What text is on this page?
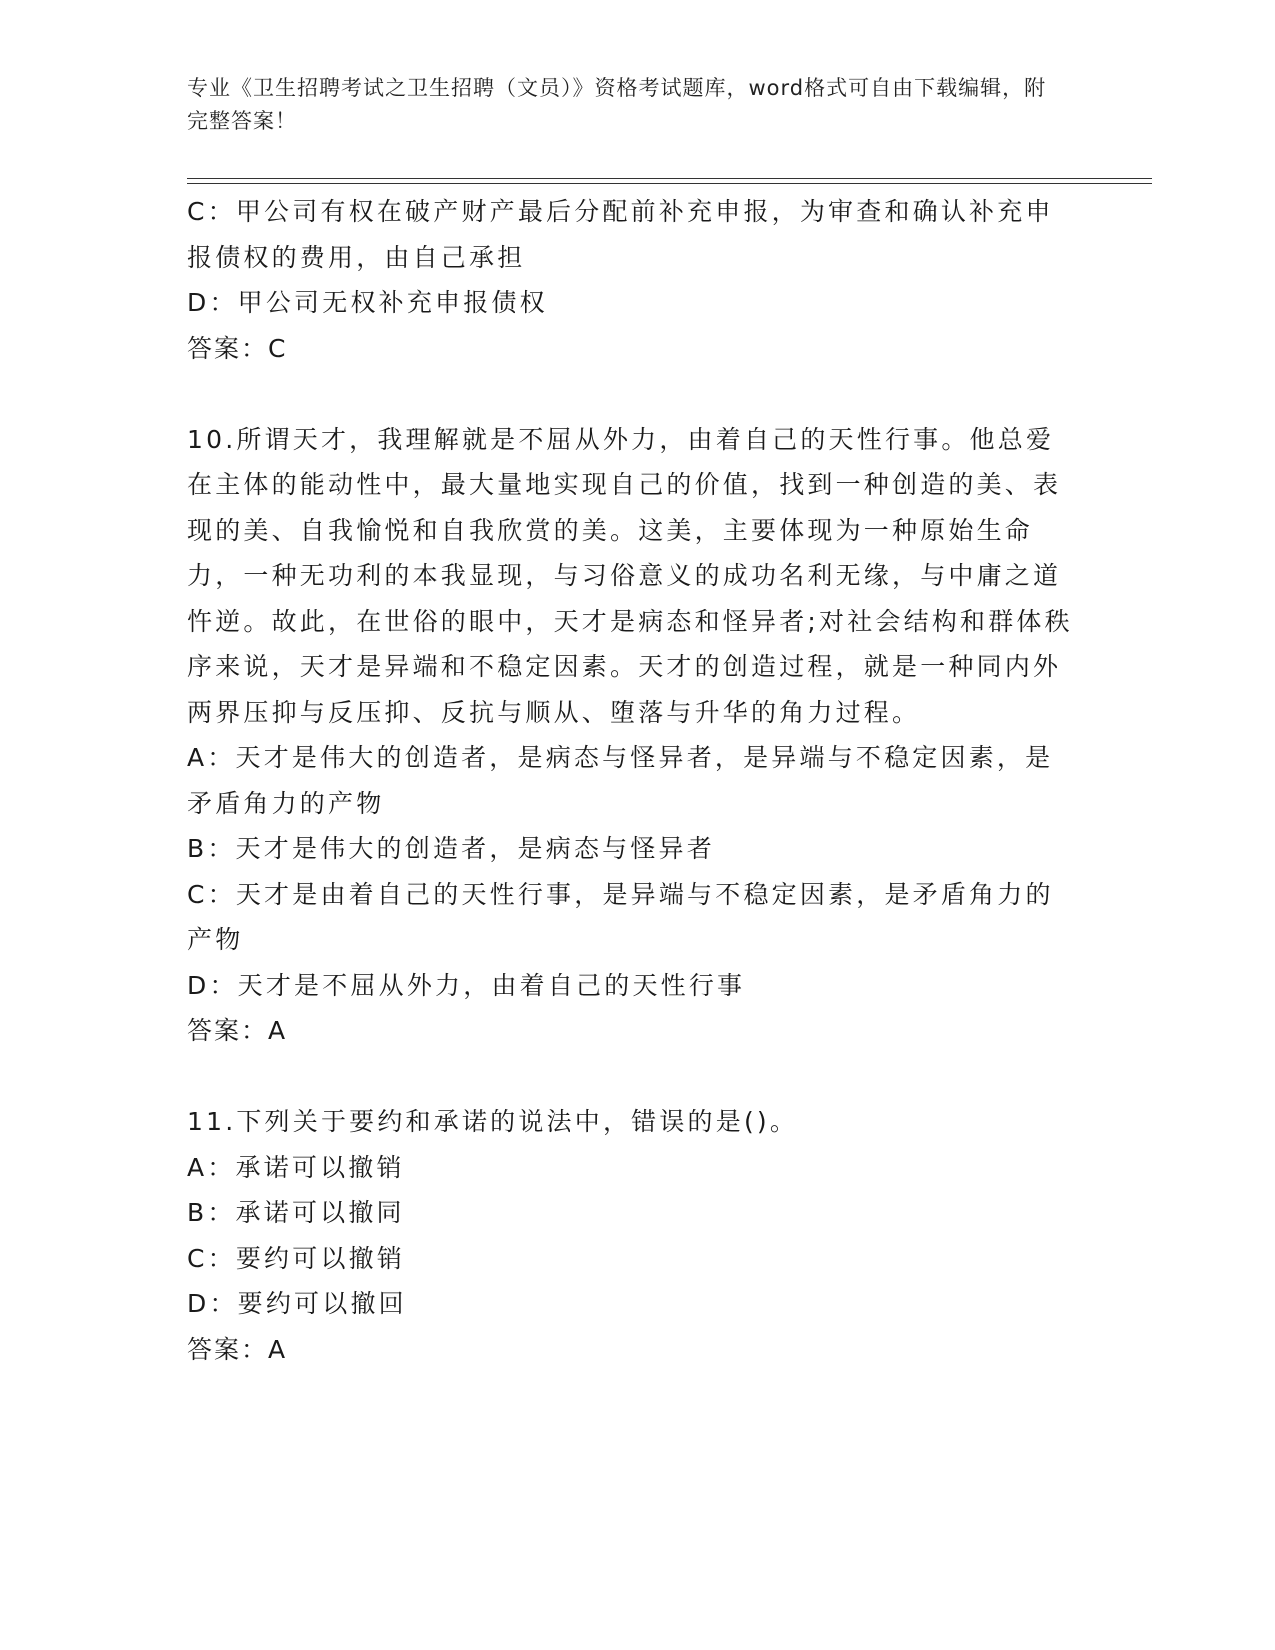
专业《卫生招聘考试之卫生招聘（文员）》资格考试题库，word格式可自由下载编辑，附完整答案！

C：甲公司有权在破产财产最后分配前补充申报，为审查和确认补充申报债权的费用，由自己承担

D：甲公司无权补充申报债权

答案：C

10.所谓天才，我理解就是不屈从外力，由着自己的天性行事。他总爱在主体的能动性中，最大量地实现自己的价值，找到一种创造的美、表现的美、自我愉悦和自我欣赏的美。这美，主要体现为一种原始生命力，一种无功利的本我显现，与习俗意义的成功名利无缘，与中庸之道忤逆。故此，在世俗的眼中，天才是病态和怪异者;对社会结构和群体秩序来说，天才是异端和不稳定因素。天才的创造过程，就是一种同内外两界压抑与反压抑、反抗与顺从、堕落与升华的角力过程。

A：天才是伟大的创造者，是病态与怪异者，是异端与不稳定因素，是矛盾角力的产物

B：天才是伟大的创造者，是病态与怪异者

C：天才是由着自己的天性行事，是异端与不稳定因素，是矛盾角力的产物

D：天才是不屈从外力，由着自己的天性行事

答案：A

11.下列关于要约和承诺的说法中，错误的是()。

A：承诺可以撤销

B：承诺可以撤同

C：要约可以撤销

D：要约可以撤回

答案：A
